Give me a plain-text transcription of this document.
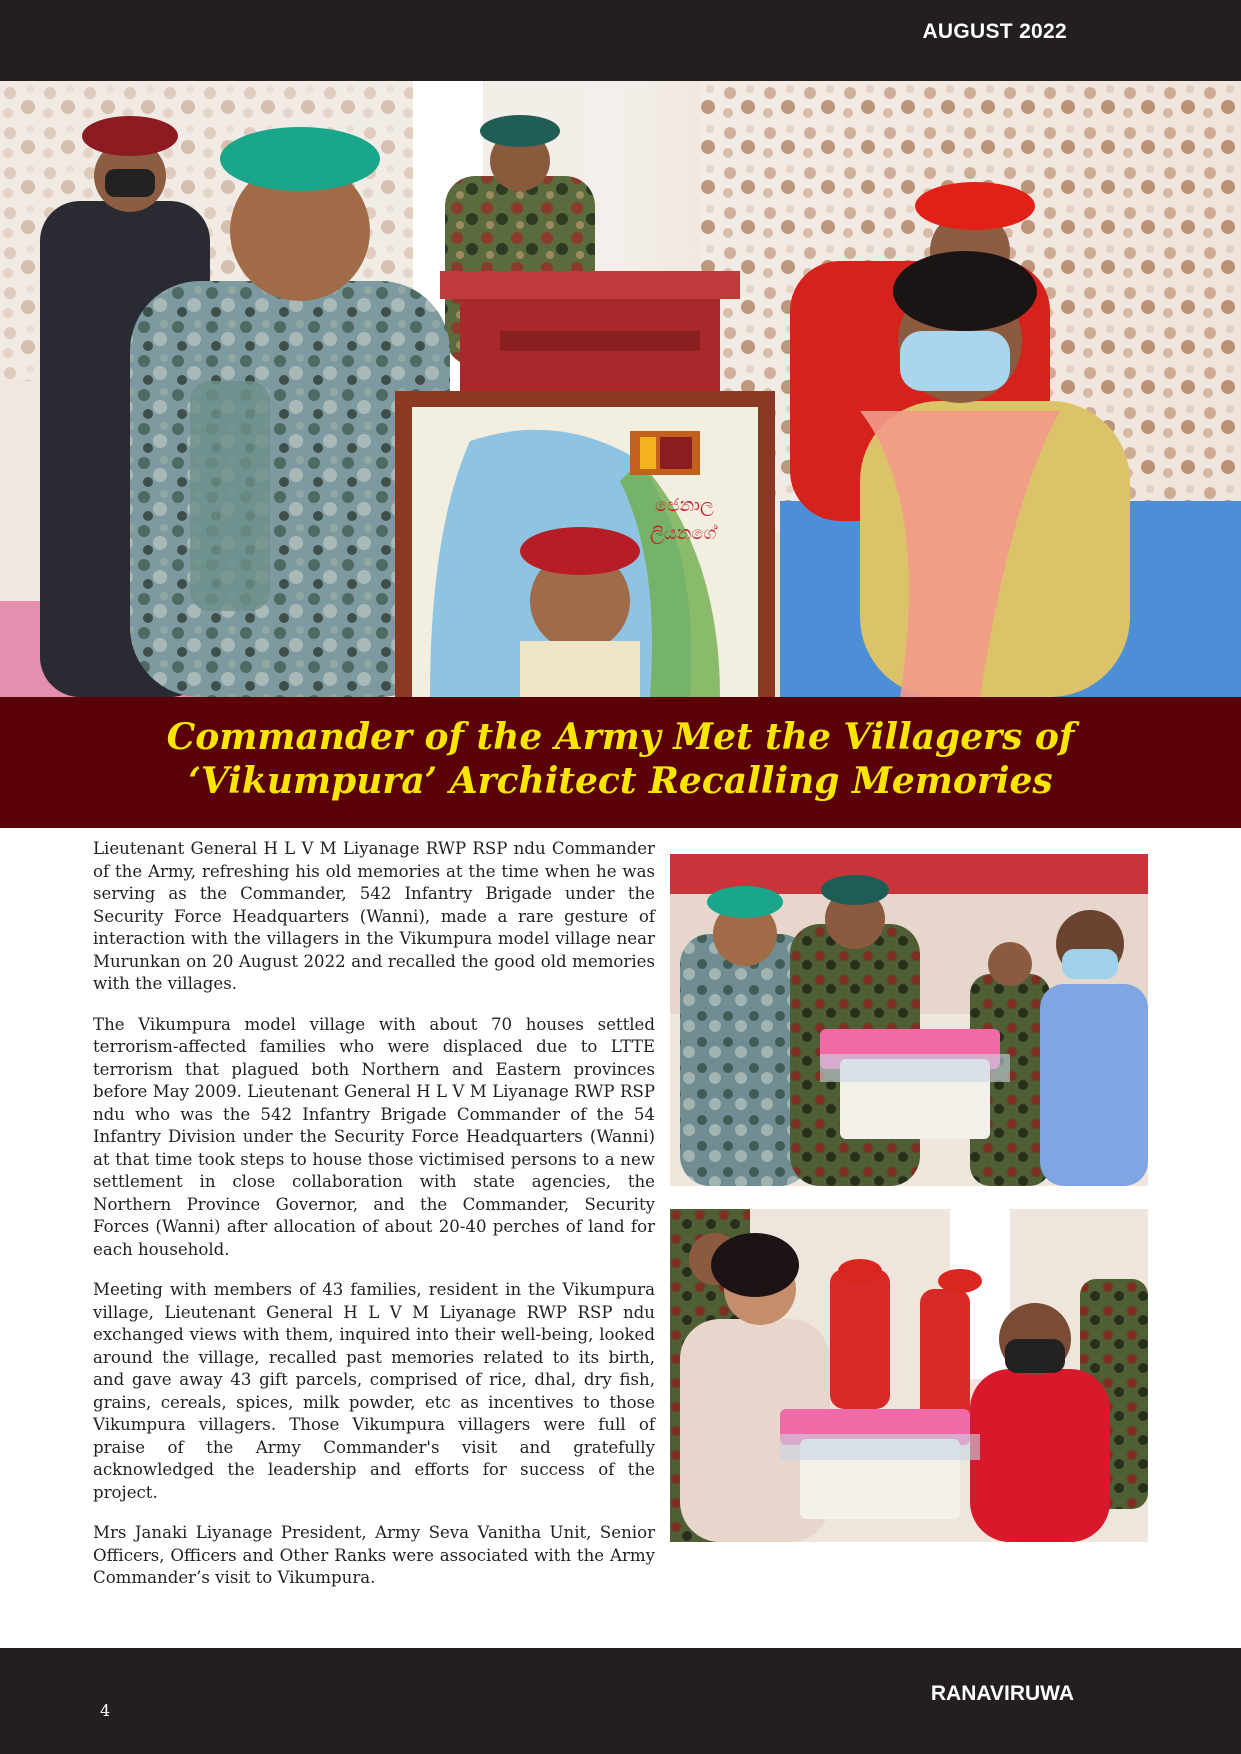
AUGUST 2022
ජෙනාල
ලියනගේ
Commander of the Army Met the Villagers of
‘Vikumpura’ Architect Recalling Memories

Lieutenant General H L V M Liyanage RWP RSP ndu Commander of the Army, refreshing his old memories at the time when he was serving as the Commander, 542 Infantry Brigade under the Security Force Headquarters (Wanni), made a rare gesture of interaction with the villagers in the Vikumpura model village near Murunkan on 20 August 2022 and recalled the good old memories with the villages.

The Vikumpura model village with about 70 houses settled terrorism-affected families who were displaced due to LTTE terrorism that plagued both Northern and Eastern provinces before May 2009. Lieutenant General H L V M Liyanage RWP RSP ndu who was the 542 Infantry Brigade Commander of the 54 Infantry Division under the Security Force Headquarters (Wanni) at that time took steps to house those victimised persons to a new settlement in close collaboration with state agencies, the Northern Province Governor, and the Commander, Security Forces (Wanni) after allocation of about 20-40 perches of land for each household.

Meeting with members of 43 families, resident in the Vikumpura village, Lieutenant General H L V M Liyanage RWP RSP ndu exchanged views with them, inquired into their well-being, looked around the village, recalled past memories related to its birth, and gave away 43 gift parcels, comprised of rice, dhal, dry fish, grains, cereals, spices, milk powder, etc as incentives to those Vikumpura villagers. Those Vikumpura villagers were full of praise of the Army Commander's visit and gratefully acknowledged the leadership and efforts for success of the project.

Mrs Janaki Liyanage President, Army Seva Vanitha Unit, Senior Officers, Officers and Other Ranks were associated with the Army Commander’s visit to Vikumpura.

4
RANAVIRUWA
